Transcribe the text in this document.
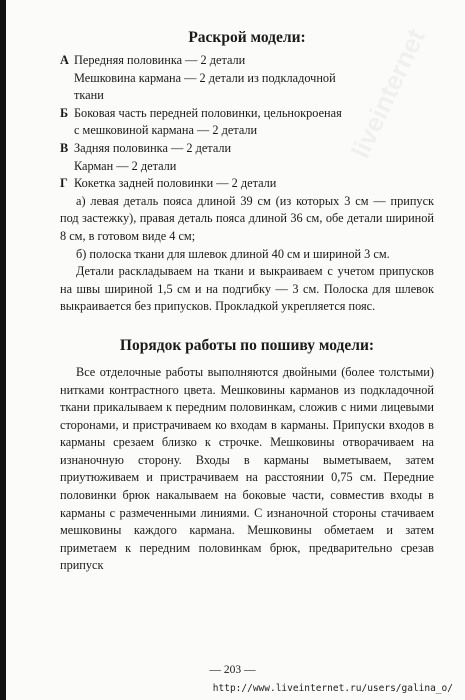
Раскрой модели:
А Передняя половинка — 2 детали
Мешковина кармана — 2 детали из подкладочной
ткани
Б Боковая часть передней половинки, цельнокроеная
с мешковиной кармана — 2 детали
В Задняя половинка — 2 детали
Карман — 2 детали
Г Кокетка задней половинки — 2 детали

а) левая деталь пояса длиной 39 см (из которых 3 см — припуск под застежку), правая деталь пояса длиной 36 см, обе детали шириной 8 см, в готовом виде 4 см;

б) полоска ткани для шлевок длиной 40 см и шириной 3 см.

Детали раскладываем на ткани и выкраиваем с учетом припусков на швы шириной 1,5 см и на подгибку — 3 см. Полоска для шлевок выкраивается без припусков. Прокладкой укрепляется пояс.

Порядок работы по пошиву модели:

Все отделочные работы выполняются двойными (более толстыми) нитками контрастного цвета. Мешковины карманов из подкладочной ткани прикалываем к передним половинкам, сложив с ними лицевыми сторонами, и пристрачиваем ко входам в карманы. Припуски входов в карманы срезаем близко к строчке. Мешковины отворачиваем на изнаночную сторону. Входы в карманы выметываем, затем приутюживаем и пристрачиваем на расстоянии 0,75 см. Передние половинки брюк накалываем на боковые части, совместив входы в карманы с размеченными линиями. С изнаночной стороны стачиваем мешковины каждого кармана. Мешковины обметаем и затем приметаем к передним половинкам брюк, предварительно срезав припуск

— 203 —
http://www.liveinternet.ru/users/galina_o/
